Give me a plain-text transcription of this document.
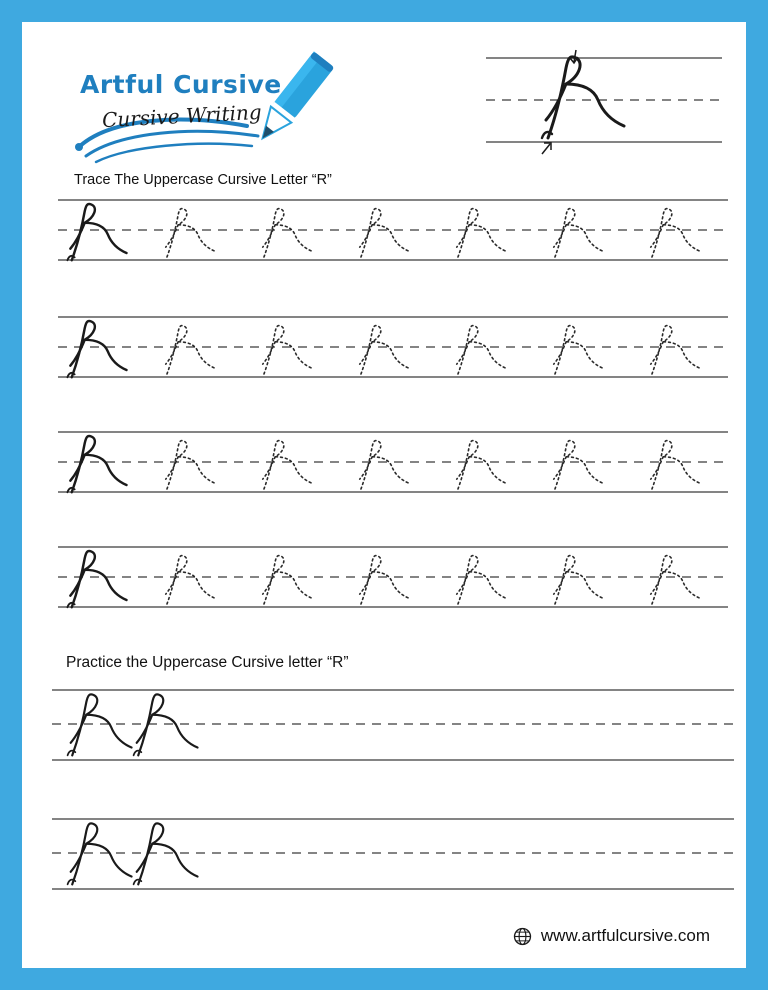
Artful Cursive
Cursive Writing
Trace The Uppercase Cursive Letter “R”
Practice the Uppercase Cursive letter “R”
www.artfulcursive.com
